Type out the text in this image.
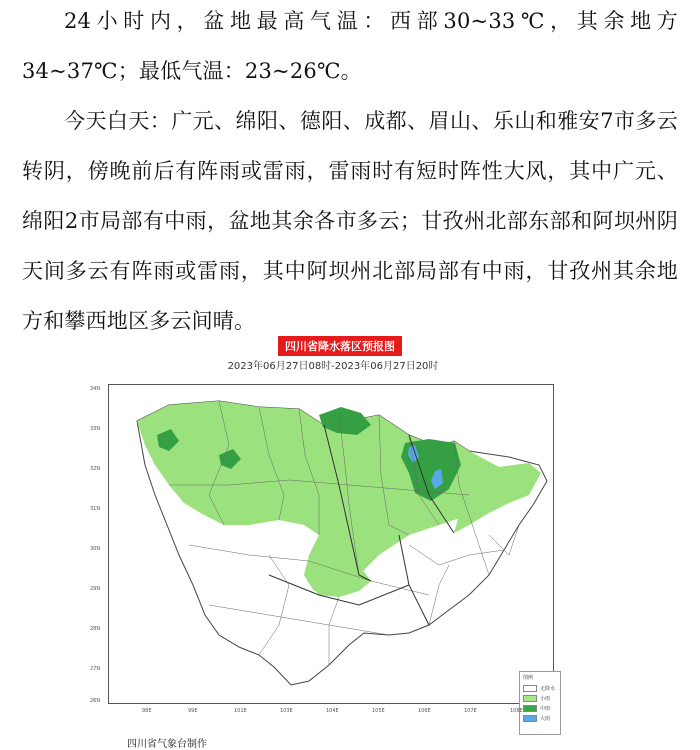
24小时内，盆地最高气温：西部30~33℃，其余地方34~37℃；最低气温：23~26℃。

今天白天：广元、绵阳、德阳、成都、眉山、乐山和雅安7市多云转阴，傍晚前后有阵雨或雷雨，雷雨时有短时阵性大风，其中广元、绵阳2市局部有中雨，盆地其余各市多云；甘孜州北部东部和阿坝州阴天间多云有阵雨或雷雨，其中阿坝州北部局部有中雨，甘孜州其余地方和攀西地区多云间晴。

四川省降水落区预报图
2023年06月27日08时-2023年06月27日20时
图例
无降水
小雨
中雨
大雨
四川省气象台制作
34N
33N
32N
31N
30N
29N
28N
27N
26N
98E	99E	101E	103E	104E	105E	106E	107E	108E
